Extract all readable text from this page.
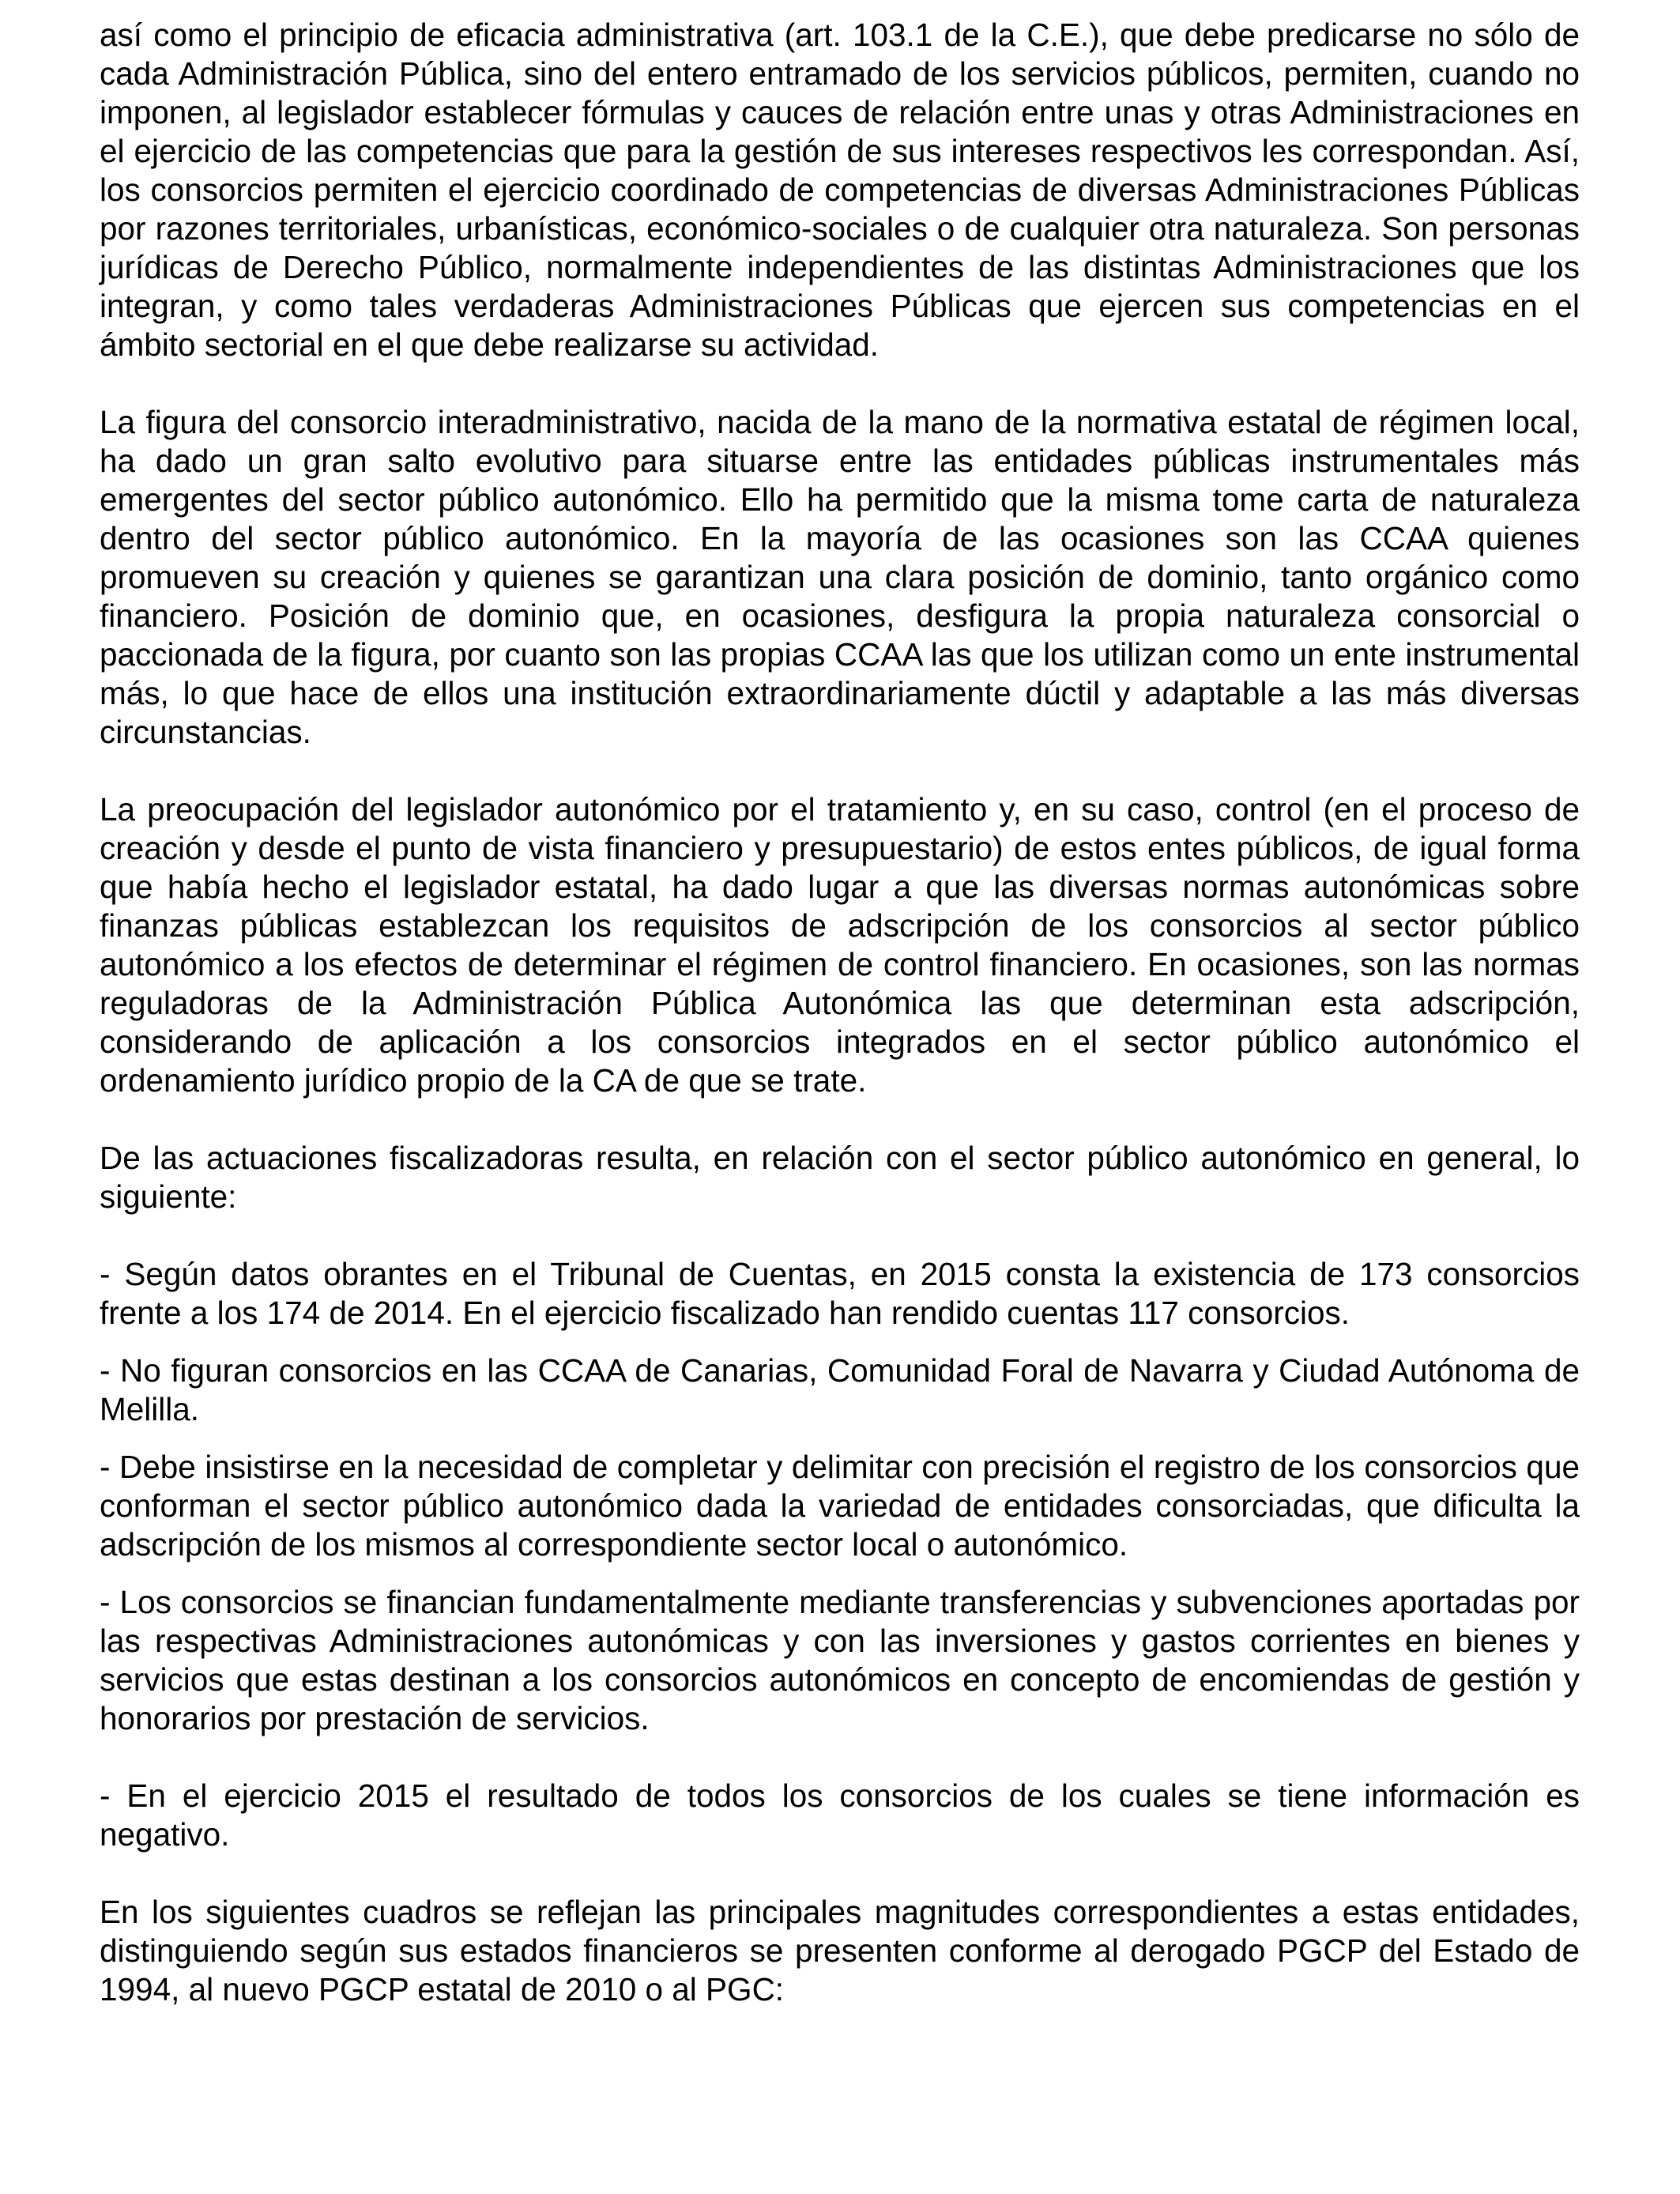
así como el principio de eficacia administrativa (art. 103.1 de la C.E.), que debe predicarse no sólo de cada Administración Pública, sino del entero entramado de los servicios públicos, permiten, cuando no imponen, al legislador establecer fórmulas y cauces de relación entre unas y otras Administraciones en el ejercicio de las competencias que para la gestión de sus intereses respectivos les correspondan. Así, los consorcios permiten el ejercicio coordinado de competencias de diversas Administraciones Públicas por razones territoriales, urbanísticas, económico-sociales o de cualquier otra naturaleza. Son personas jurídicas de Derecho Público, normalmente independientes de las distintas Administraciones que los integran, y como tales verdaderas Administraciones Públicas que ejercen sus competencias en el ámbito sectorial en el que debe realizarse su actividad.

La figura del consorcio interadministrativo, nacida de la mano de la normativa estatal de régimen local, ha dado un gran salto evolutivo para situarse entre las entidades públicas instrumentales más emergentes del sector público autonómico. Ello ha permitido que la misma tome carta de naturaleza dentro del sector público autonómico. En la mayoría de las ocasiones son las CCAA quienes promueven su creación y quienes se garantizan una clara posición de dominio, tanto orgánico como financiero. Posición de dominio que, en ocasiones, desfigura la propia naturaleza consorcial o paccionada de la figura, por cuanto son las propias CCAA las que los utilizan como un ente instrumental más, lo que hace de ellos una institución extraordinariamente dúctil y adaptable a las más diversas circunstancias.

La preocupación del legislador autonómico por el tratamiento y, en su caso, control (en el proceso de creación y desde el punto de vista financiero y presupuestario) de estos entes públicos, de igual forma que había hecho el legislador estatal, ha dado lugar a que las diversas normas autonómicas sobre finanzas públicas establezcan los requisitos de adscripción de los consorcios al sector público autonómico a los efectos de determinar el régimen de control financiero. En ocasiones, son las normas reguladoras de la Administración Pública Autonómica las que determinan esta adscripción, considerando de aplicación a los consorcios integrados en el sector público autonómico el ordenamiento jurídico propio de la CA de que se trate.

De las actuaciones fiscalizadoras resulta, en relación con el sector público autonómico en general, lo siguiente:

- Según datos obrantes en el Tribunal de Cuentas, en 2015 consta la existencia de 173 consorcios frente a los 174 de 2014. En el ejercicio fiscalizado han rendido cuentas 117 consorcios.

- No figuran consorcios en las CCAA de Canarias, Comunidad Foral de Navarra y Ciudad Autónoma de Melilla.

- Debe insistirse en la necesidad de completar y delimitar con precisión el registro de los consorcios que conforman el sector público autonómico dada la variedad de entidades consorciadas, que dificulta la adscripción de los mismos al correspondiente sector local o autonómico.

- Los consorcios se financian fundamentalmente mediante transferencias y subvenciones aportadas por las respectivas Administraciones autonómicas y con las inversiones y gastos corrientes en bienes y servicios que estas destinan a los consorcios autonómicos en concepto de encomiendas de gestión y honorarios por prestación de servicios.

- En el ejercicio 2015 el resultado de todos los consorcios de los cuales se tiene información es negativo.

En los siguientes cuadros se reflejan las principales magnitudes correspondientes a estas entidades, distinguiendo según sus estados financieros se presenten conforme al derogado PGCP del Estado de 1994, al nuevo PGCP estatal de 2010 o al PGC:
